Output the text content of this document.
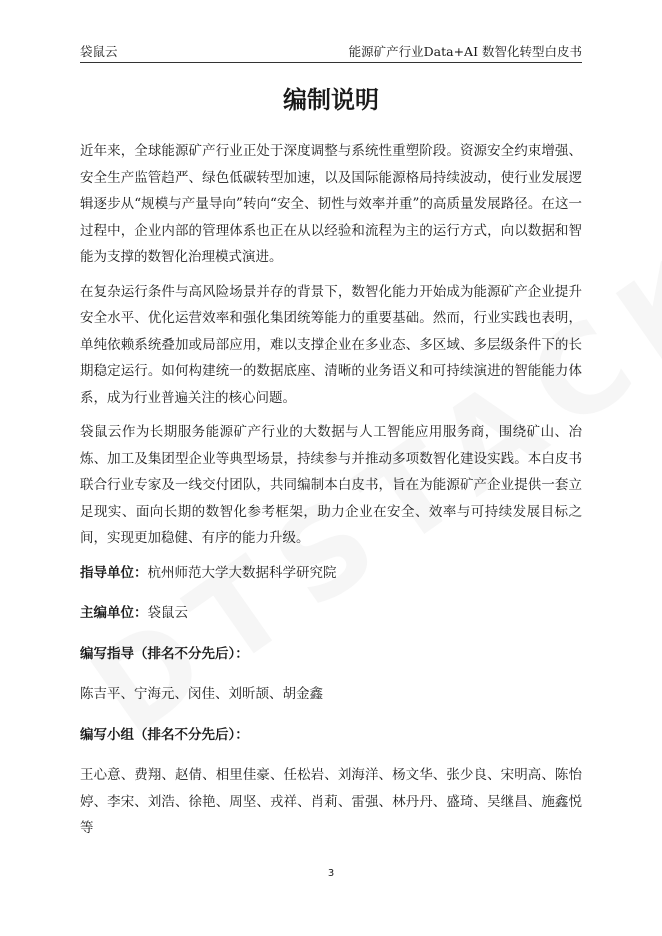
袋鼠云	能源矿产行业Data+AI 数智化转型白皮书
编制说明

近年来，全球能源矿产行业正处于深度调整与系统性重塑阶段。资源安全约束增强、安全生产监管趋严、绿色低碳转型加速，以及国际能源格局持续波动，使行业发展逻辑逐步从“规模与产量导向”转向“安全、韧性与效率并重”的高质量发展路径。在这一过程中，企业内部的管理体系也正在从以经验和流程为主的运行方式，向以数据和智能为支撑的数智化治理模式演进。

在复杂运行条件与高风险场景并存的背景下，数智化能力开始成为能源矿产企业提升安全水平、优化运营效率和强化集团统筹能力的重要基础。然而，行业实践也表明，单纯依赖系统叠加或局部应用，难以支撑企业在多业态、多区域、多层级条件下的长期稳定运行。如何构建统一的数据底座、清晰的业务语义和可持续演进的智能能力体系，成为行业普遍关注的核心问题。

袋鼠云作为长期服务能源矿产行业的大数据与人工智能应用服务商，围绕矿山、冶炼、加工及集团型企业等典型场景，持续参与并推动多项数智化建设实践。本白皮书联合行业专家及一线交付团队，共同编制本白皮书，旨在为能源矿产企业提供一套立足现实、面向长期的数智化参考框架，助力企业在安全、效率与可持续发展目标之间，实现更加稳健、有序的能力升级。

指导单位：杭州师范大学大数据科学研究院
主编单位：袋鼠云
编写指导（排名不分先后）：

陈吉平、宁海元、闵佳、刘昕颉、胡金鑫

编写小组（排名不分先后）：

王心意、费翔、赵倩、相里佳豪、任松岩、刘海洋、杨文华、张少良、宋明高、陈怡婷、李宋、刘浩、徐艳、周坚、戎祥、肖莉、雷强、林丹丹、盛琦、吴继昌、施鑫悦等

3
